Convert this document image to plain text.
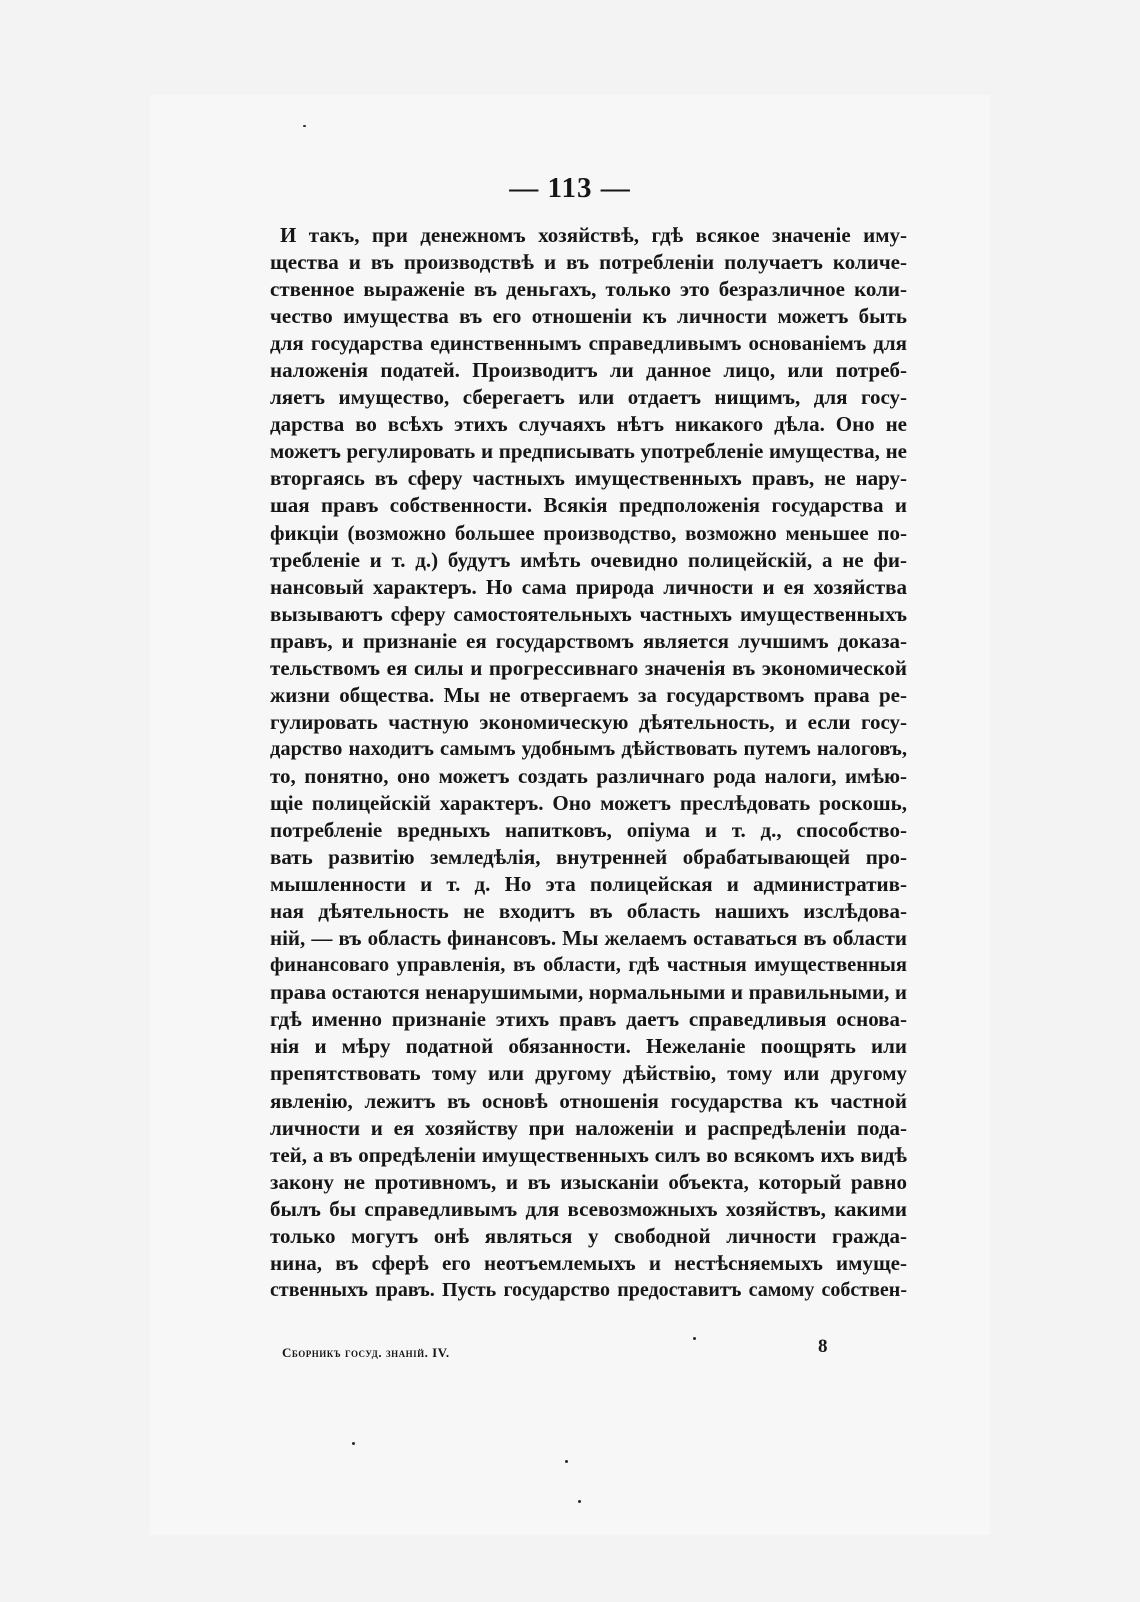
— 113 —
И такъ, при денежномъ хозяйствѣ, гдѣ всякое значеніе иму-
щества и въ производствѣ и въ потребленіи получаетъ количе-
ственное выраженіе въ деньгахъ, только это безразличное коли-
чество имущества въ его отношеніи къ личности можетъ быть
для государства единственнымъ справедливымъ основаніемъ для
наложенія податей. Производитъ ли данное лицо, или потреб-
ляетъ имущество, сберегаетъ или отдаетъ нищимъ, для госу-
дарства во всѣхъ этихъ случаяхъ нѣтъ никакого дѣла. Оно не
можетъ регулировать и предписывать употребленіе имущества, не
вторгаясь въ сферу частныхъ имущественныхъ правъ, не нару-
шая правъ собственности. Всякія предположенія государства и
фикціи (возможно большее производство, возможно меньшее по-
требленіе и т. д.) будутъ имѣть очевидно полицейскій, а не фи-
нансовый характеръ. Но сама природа личности и ея хозяйства
вызываютъ сферу самостоятельныхъ частныхъ имущественныхъ
правъ, и признаніе ея государствомъ является лучшимъ доказа-
тельствомъ ея силы и прогрессивнаго значенія въ экономической
жизни общества. Мы не отвергаемъ за государствомъ права ре-
гулировать частную экономическую дѣятельность, и если госу-
дарство находитъ самымъ удобнымъ дѣйствовать путемъ налоговъ,
то, понятно, оно можетъ создать различнаго рода налоги, имѣю-
щіе полицейскій характеръ. Оно можетъ преслѣдовать роскошь,
потребленіе вредныхъ напитковъ, опіума и т. д., способство-
вать развитію земледѣлія, внутренней обрабатывающей про-
мышленности и т. д. Но эта полицейская и административ-
ная дѣятельность не входитъ въ область нашихъ изслѣдова-
ній, — въ область финансовъ. Мы желаемъ оставаться въ области
финансоваго управленія, въ области, гдѣ частныя имущественныя
права остаются ненарушимыми, нормальными и правильными, и
гдѣ именно признаніе этихъ правъ даетъ справедливыя основа-
нія и мѣру податной обязанности. Нежеланіе поощрять или
препятствовать тому или другому дѣйствію, тому или другому
явленію, лежитъ въ основѣ отношенія государства къ частной
личности и ея хозяйству при наложеніи и распредѣленіи пода-
тей, а въ опредѣленіи имущественныхъ силъ во всякомъ ихъ видѣ
закону не противномъ, и въ изысканіи объекта, который равно
былъ бы справедливымъ для всевозможныхъ хозяйствъ, какими
только могутъ онѣ являться у свободной личности гражда-
нина, въ сферѣ его неотъемлемыхъ и нестѣсняемыхъ имуще-
ственныхъ правъ. Пусть государство предоставитъ самому собствен-
Сборникъ госуд. знаній. IV.	8
